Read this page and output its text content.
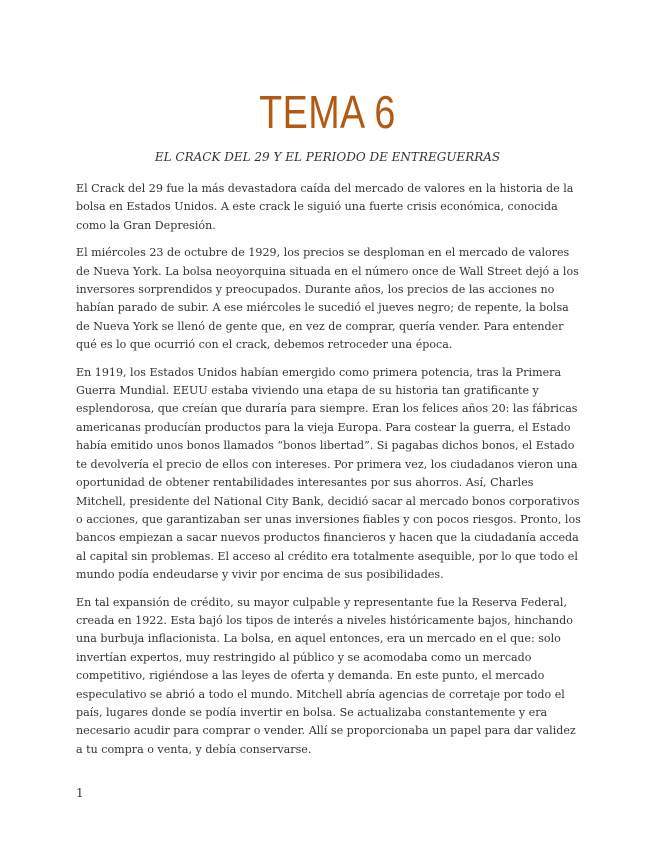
TEMA 6
EL CRACK DEL 29 Y EL PERIODO DE ENTREGUERRAS

El Crack del 29 fue la más devastadora caída del mercado de valores en la historia de la bolsa en Estados Unidos. A este crack le siguió una fuerte crisis económica, conocida como la Gran Depresión.

El miércoles 23 de octubre de 1929, los precios se desploman en el mercado de valores de Nueva York. La bolsa neoyorquina situada en el número once de Wall Street dejó a los inversores sorprendidos y preocupados. Durante años, los precios de las acciones no habían parado de subir. A ese miércoles le sucedió el jueves negro; de repente, la bolsa de Nueva York se llenó de gente que, en vez de comprar, quería vender. Para entender qué es lo que ocurrió con el crack, debemos retroceder una época.

En 1919, los Estados Unidos habían emergido como primera potencia, tras la Primera Guerra Mundial. EEUU estaba viviendo una etapa de su historia tan gratificante y esplendorosa, que creían que duraría para siempre. Eran los felices años 20: las fábricas americanas producían productos para la vieja Europa. Para costear la guerra, el Estado había emitido unos bonos llamados “bonos libertad”. Si pagabas dichos bonos, el Estado te devolvería el precio de ellos con intereses. Por primera vez, los ciudadanos vieron una oportunidad de obtener rentabilidades interesantes por sus ahorros. Así, Charles Mitchell, presidente del National City Bank, decidió sacar al mercado bonos corporativos o acciones, que garantizaban ser unas inversiones fiables y con pocos riesgos. Pronto, los bancos empiezan a sacar nuevos productos financieros y hacen que la ciudadanía acceda al capital sin problemas. El acceso al crédito era totalmente asequible, por lo que todo el mundo podía endeudarse y vivir por encima de sus posibilidades.

En tal expansión de crédito, su mayor culpable y representante fue la Reserva Federal, creada en 1922. Esta bajó los tipos de interés a niveles históricamente bajos, hinchando una burbuja inflacionista. La bolsa, en aquel entonces, era un mercado en el que: solo invertían expertos, muy restringido al público y se acomodaba como un mercado competitivo, rigiéndose a las leyes de oferta y demanda. En este punto, el mercado especulativo se abrió a todo el mundo. Mitchell abría agencias de corretaje por todo el país, lugares donde se podía invertir en bolsa. Se actualizaba constantemente y era necesario acudir para comprar o vender. Allí se proporcionaba un papel para dar validez a tu compra o venta, y debía conservarse.

1
